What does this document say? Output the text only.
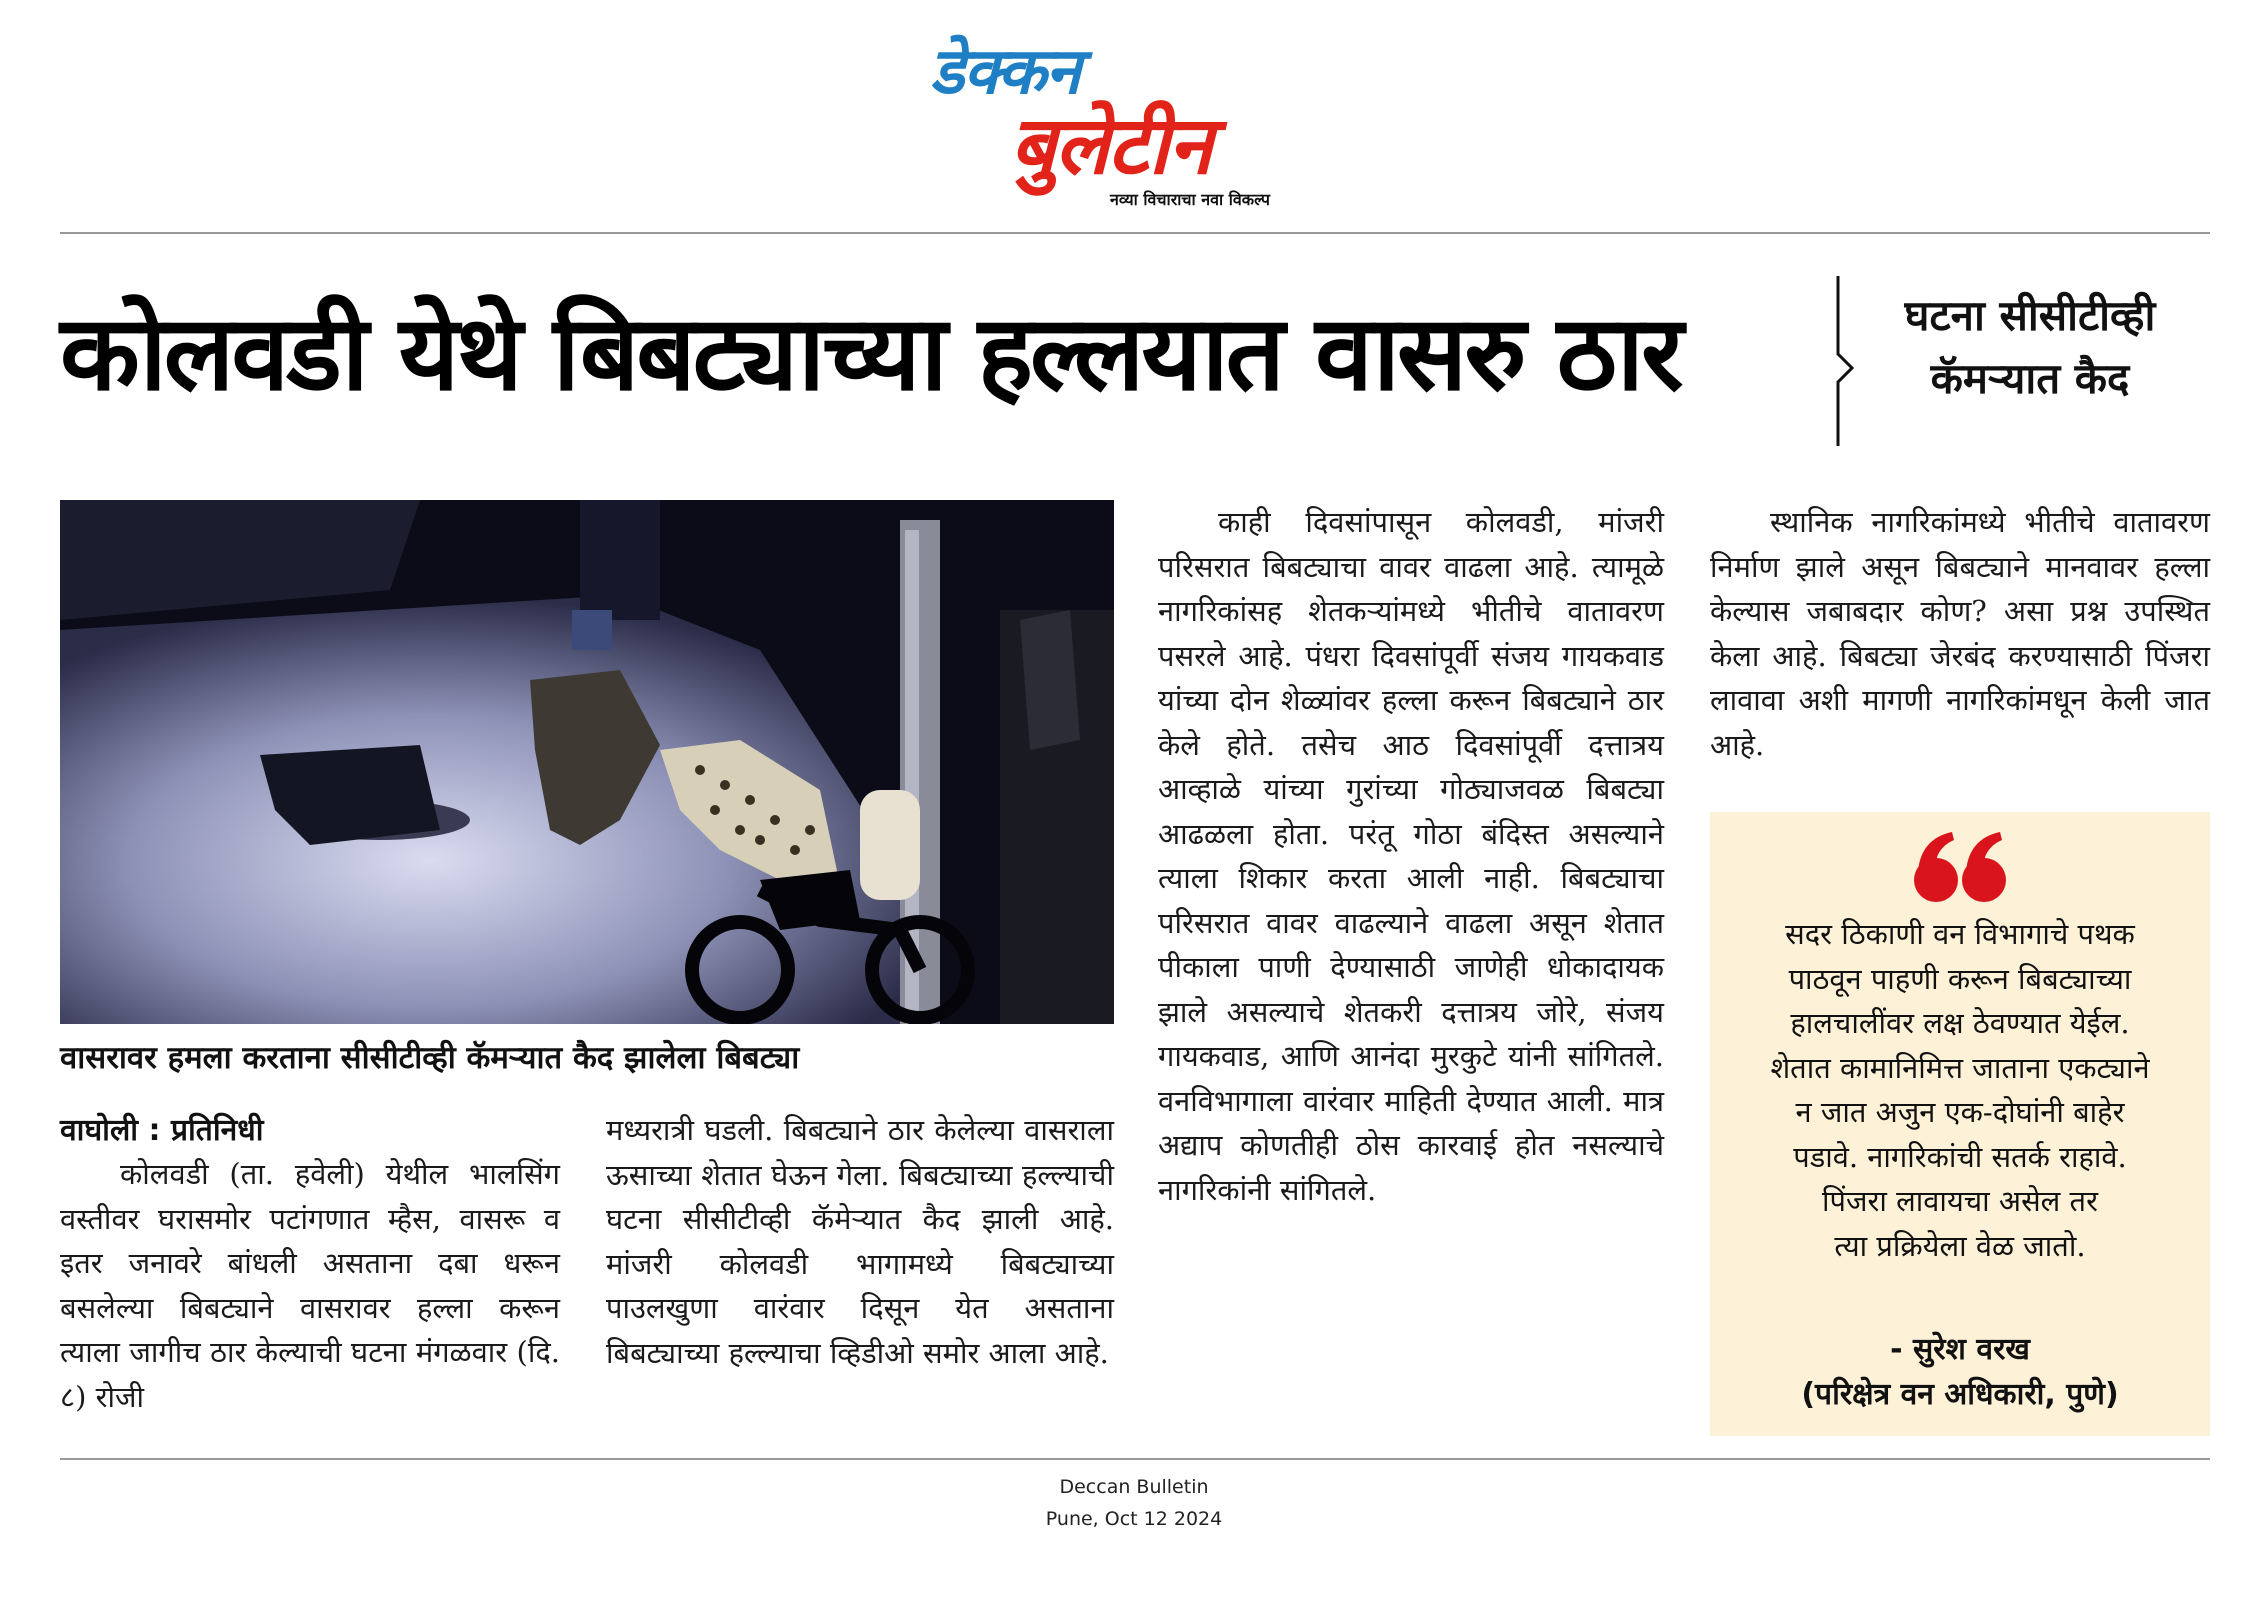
डेक्कन
बुलेटीन
नव्या विचाराचा नवा विकल्प
कोलवडी येथे बिबट्याच्या हल्लयात वासरु ठार	घटना सीसीटीव्ही
कॅमऱ्यात कैद
वासरावर हमला करताना सीसीटीव्ही कॅमऱ्यात कैद झालेला बिबट्या
वाघोली : प्रतिनिधी

कोलवडी (ता. हवेली) येथील भालसिंग वस्तीवर घरासमोर पटांगणात म्हैस, वासरू व इतर जनावरे बांधली असताना दबा धरून बसलेल्या बिबट्याने वासरावर हल्ला करून त्याला जागीच ठार केल्याची घटना मंगळवार (दि. ८) रोजी

मध्यरात्री घडली. बिबट्याने ठार केलेल्या वासराला ऊसाच्या शेतात घेऊन गेला. बिबट्याच्या हल्ल्याची घटना सीसीटीव्ही कॅमेऱ्यात कैद झाली आहे. मांजरी कोलवडी भागामध्ये बिबट्याच्या पाउलखुणा वारंवार दिसून येत असताना बिबट्याच्या हल्ल्याचा व्हिडीओ समोर आला आहे.

काही दिवसांपासून कोलवडी, मांजरी परिसरात बिबट्याचा वावर वाढला आहे. त्यामूळे नागरिकांसह शेतकऱ्यांमध्ये भीतीचे वातावरण पसरले आहे. पंधरा दिवसांपूर्वी संजय गायकवाड यांच्या दोन शेळ्यांवर हल्ला करून बिबट्याने ठार केले होते. तसेच आठ दिवसांपूर्वी दत्तात्रय आव्हाळे यांच्या गुरांच्या गोठ्याजवळ बिबट्या आढळला होता. परंतू गोठा बंदिस्त असल्याने त्याला शिकार करता आली नाही. बिबट्याचा परिसरात वावर वाढल्याने वाढला असून शेतात पीकाला पाणी देण्यासाठी जाणेही धोकादायक झाले असल्याचे शेतकरी दत्तात्रय जोरे, संजय गायकवाड, आणि आनंदा मुरकुटे यांनी सांगितले. वनविभागाला वारंवार माहिती देण्यात आली. मात्र अद्याप कोणतीही ठोस कारवाई होत नसल्याचे नागरिकांनी सांगितले.

स्थानिक नागरिकांमध्ये भीतीचे वातावरण निर्माण झाले असून बिबट्याने मानवावर हल्ला केल्यास जबाबदार कोण? असा प्रश्न उपस्थित केला आहे. बिबट्या जेरबंद करण्यासाठी पिंजरा लावावा अशी मागणी नागरिकांमधून केली जात आहे.

सदर ठिकाणी वन विभागाचे पथक
पाठवून पाहणी करून बिबट्याच्या
हालचालींवर लक्ष ठेवण्यात येईल.
शेतात कामानिमित्त जाताना एकट्याने
न जात अजुन एक-दोघांनी बाहेर
पडावे. नागरिकांची सतर्क राहावे.
पिंजरा लावायचा असेल तर
त्या प्रक्रियेला वेळ जातो.
- सुरेश वरख
(परिक्षेत्र वन अधिकारी, पुणे)
Deccan Bulletin
Pune, Oct 12 2024
